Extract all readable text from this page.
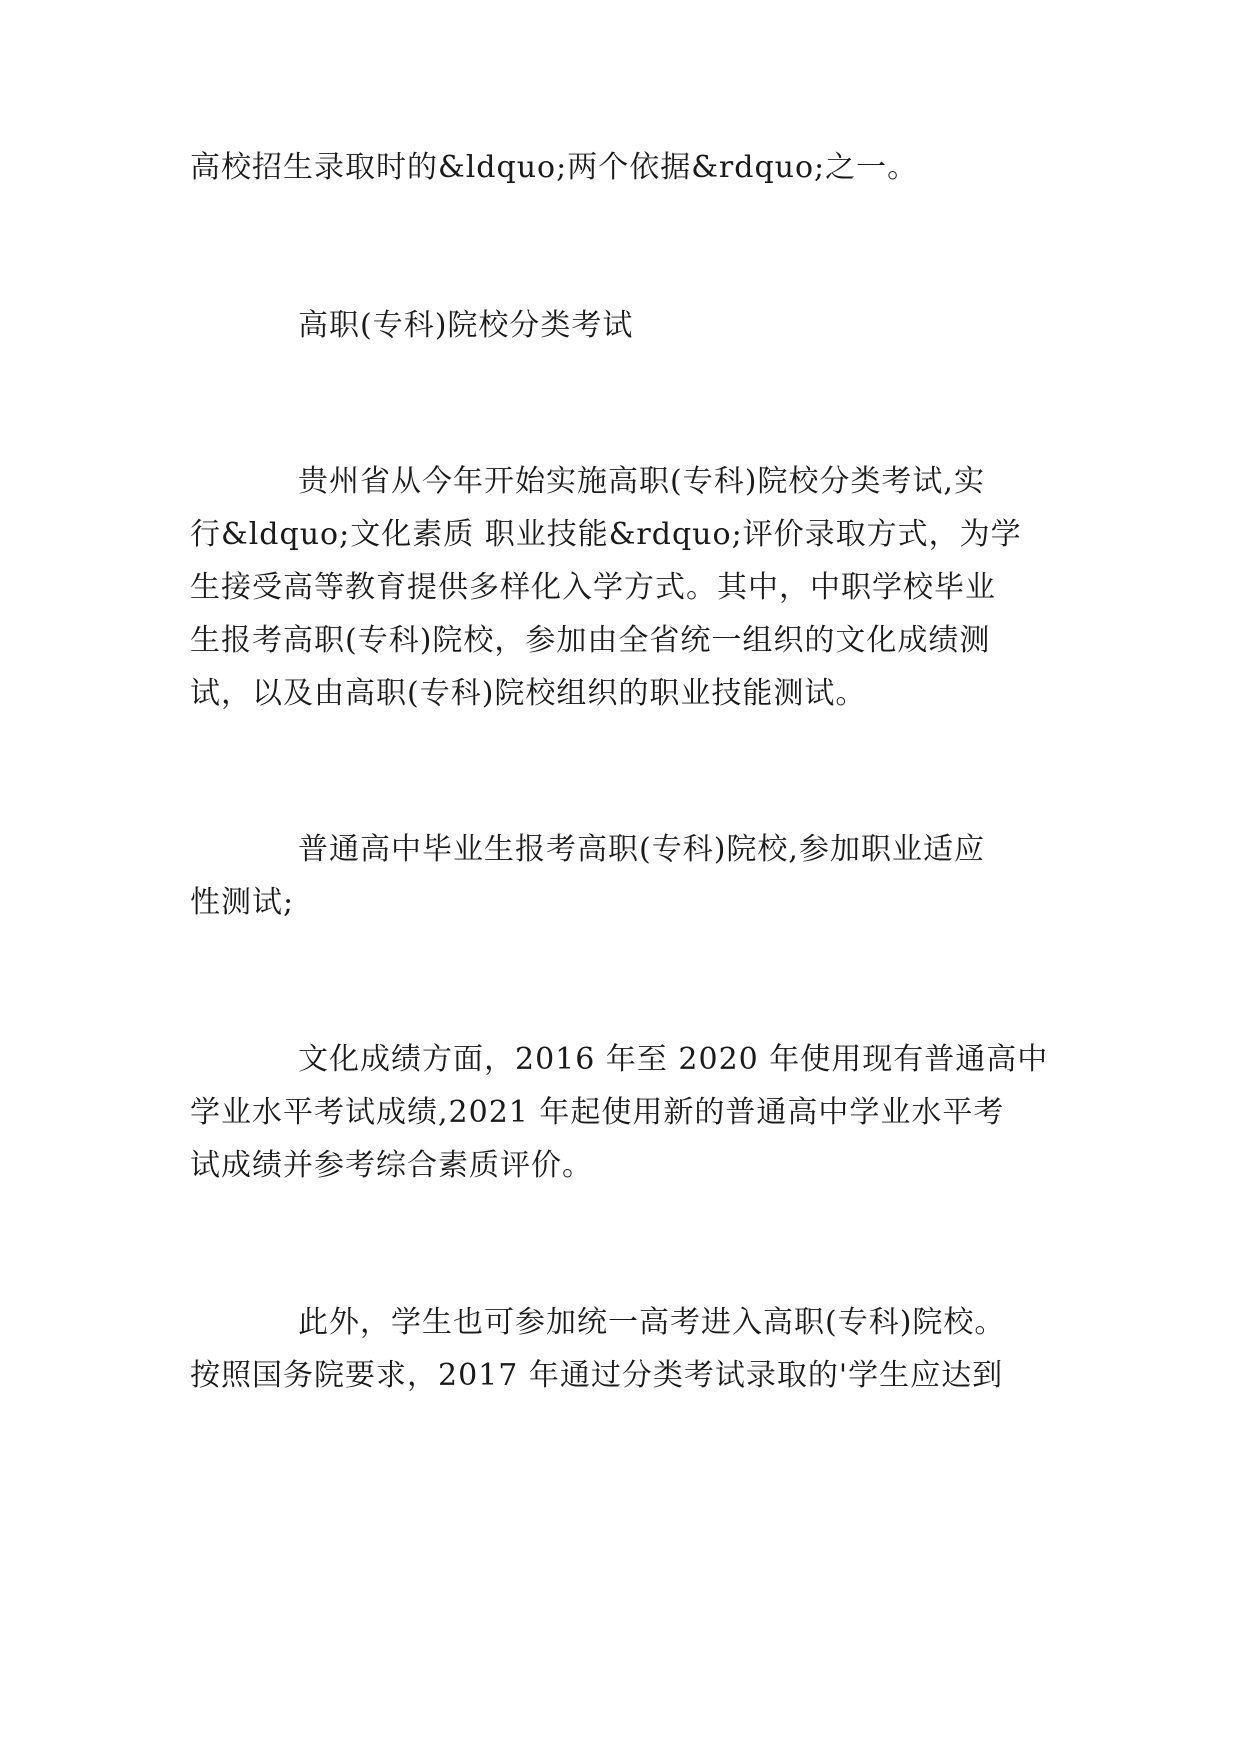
高校招生录取时的&ldquo;两个依据&rdquo;之一。
高职(专科)院校分类考试
贵州省从今年开始实施高职(专科)院校分类考试,实
行&ldquo;文化素质 职业技能&rdquo;评价录取方式，为学
生接受高等教育提供多样化入学方式。其中，中职学校毕业
生报考高职(专科)院校，参加由全省统一组织的文化成绩测
试，以及由高职(专科)院校组织的职业技能测试。
普通高中毕业生报考高职(专科)院校,参加职业适应
性测试;
文化成绩方面，2016 年至 2020 年使用现有普通高中
学业水平考试成绩,2021 年起使用新的普通高中学业水平考
试成绩并参考综合素质评价。
此外，学生也可参加统一高考进入高职(专科)院校。
按照国务院要求，2017 年通过分类考试录取的'学生应达到
